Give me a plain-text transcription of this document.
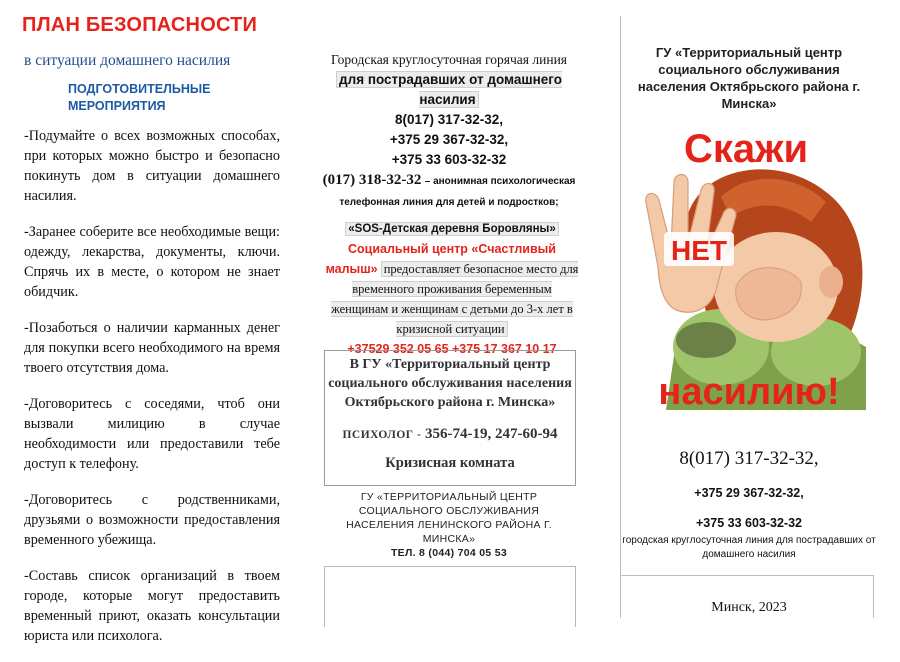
ПЛАН БЕЗОПАСНОСТИ
в ситуации домашнего насилия
ПОДГОТОВИТЕЛЬНЫЕ
МЕРОПРИЯТИЯ

-Подумайте о всех возможных способах, при которых можно быстро и безопасно покинуть дом в ситуации домашнего насилия.

-Заранее соберите все необходимые вещи: одежду, лекарства, документы, ключи. Спрячь их в месте, о котором не знает обидчик.

-Позаботься о наличии карманных денег для покупки всего необходимого на время твоего отсутствия дома.

-Договоритесь с соседями, чтоб они вызвали милицию в случае необходимости или предоставили тебе доступ к телефону.

-Договоритесь с родственниками, друзьями о возможности предоставления временного убежища.

-Составь список организаций в твоем городе, которые могут предоставить временный приют, оказать консультации юриста или психолога.

Городская круглосуточная горячая линия для пострадавших от домашнего насилия
8(017) 317-32-32,
+375 29 367-32-32,
+375 33 603-32-32
(017) 318-32-32 – анонимная психологическая телефонная линия для детей и подростков;
«SOS-Детская деревня Боровляны»
Социальный центр «Счастливый малыш» предоставляет безопасное место для временного проживания беременным женщинам и женщинам с детьми до 3-х лет в кризисной ситуации
+37529 352 05 65 +375 17 367 10 17
В ГУ «Территориальный центр социального обслуживания населения Октябрьского района г. Минска»
ПСИХОЛОГ - 356-74-19, 247-60-94
Кризисная комната
ГУ «ТЕРРИТОРИАЛЬНЫЙ ЦЕНТР СОЦИАЛЬНОГО ОБСЛУЖИВАНИЯ НАСЕЛЕНИЯ ЛЕНИНСКОГО РАЙОНА Г. МИНСКА»
ТЕЛ. 8 (044) 704 05 53
ГУ «Территориальный центр социального обслуживания населения Октябрьского района г. Минска»
Скажи
НЕТ
насилию!
8(017) 317-32-32,
+375 29 367-32-32,
+375 33 603-32-32
городская круглосуточная линия для пострадавших от домашнего насилия
Минск, 2023
